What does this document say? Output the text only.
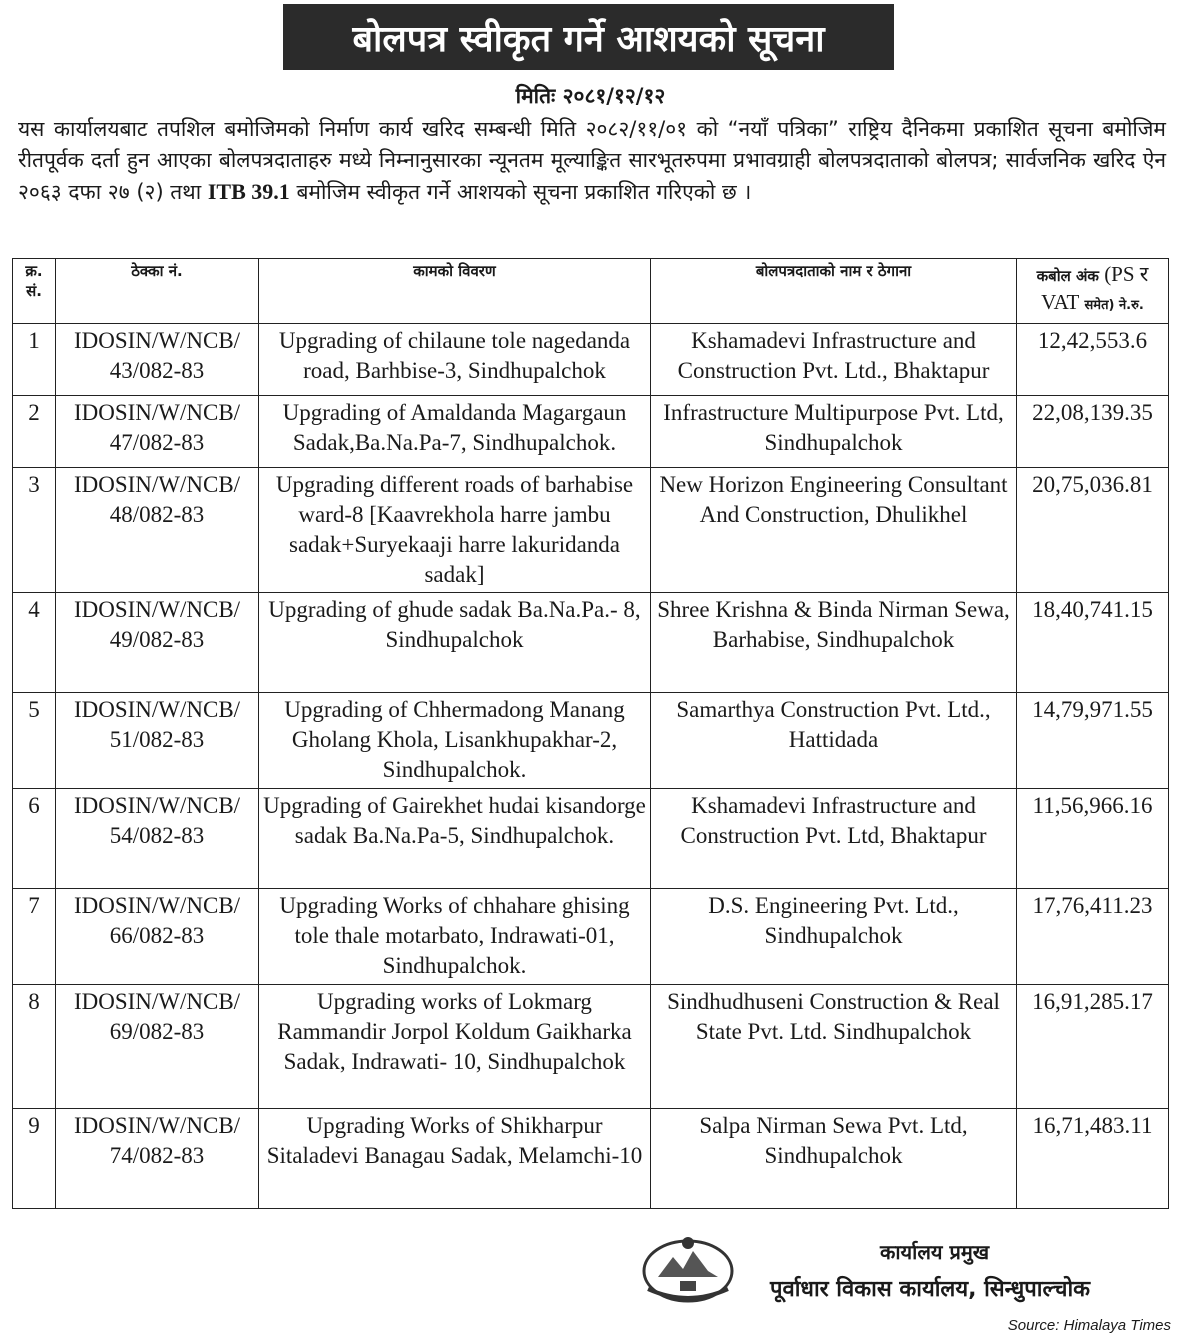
बोलपत्र स्वीकृत गर्ने आशयको सूचना
मितिः २०८१/१२/१२
यस कार्यालयबाट तपशिल बमोजिमको निर्माण कार्य खरिद सम्बन्धी मिति २०८२/११/०१ को “नयाँ पत्रिका” राष्ट्रिय दैनिकमा प्रकाशित सूचना बमोजिम रीतपूर्वक दर्ता हुन आएका बोलपत्रदाताहरु मध्ये निम्नानुसारका न्यूनतम मूल्याङ्कित सारभूतरुपमा प्रभावग्राही बोलपत्रदाताको बोलपत्र; सार्वजनिक खरिद ऐन २०६३ दफा २७ (२) तथा ITB 39.1 बमोजिम स्वीकृत गर्ने आशयको सूचना प्रकाशित गरिएको छ ।
क्र. सं.	ठेक्का नं.	कामको विवरण	बोलपत्रदाताको नाम र ठेगाना	कबोल अंक (PS र VAT समेत) ने.रु.
1	IDOSIN/W/NCB/ 43/082-83	Upgrading of chilaune tole nagedanda road, Barhbise-3, Sindhupalchok	Kshamadevi Infrastructure and Construction Pvt. Ltd., Bhaktapur	12,42,553.6
2	IDOSIN/W/NCB/ 47/082-83	Upgrading of Amaldanda Magargaun Sadak,Ba.Na.Pa-7, Sindhupalchok.	Infrastructure Multipurpose Pvt. Ltd, Sindhupalchok	22,08,139.35
3	IDOSIN/W/NCB/ 48/082-83	Upgrading different roads of barhabise ward-8 [Kaavrekhola harre jambu sadak+Suryekaaji harre lakuridanda sadak]	New Horizon Engineering Consultant And Construction, Dhulikhel	20,75,036.81
4	IDOSIN/W/NCB/ 49/082-83	Upgrading of ghude sadak Ba.Na.Pa.- 8, Sindhupalchok	Shree Krishna & Binda Nirman Sewa, Barhabise, Sindhupalchok	18,40,741.15
5	IDOSIN/W/NCB/ 51/082-83	Upgrading of Chhermadong Manang Gholang Khola, Lisankhupakhar-2, Sindhupalchok.	Samarthya Construction Pvt. Ltd., Hattidada	14,79,971.55
6	IDOSIN/W/NCB/ 54/082-83	Upgrading of Gairekhet hudai kisandorge sadak Ba.Na.Pa-5, Sindhupalchok.	Kshamadevi Infrastructure and Construction Pvt. Ltd, Bhaktapur	11,56,966.16
7	IDOSIN/W/NCB/ 66/082-83	Upgrading Works of chhahare ghising tole thale motarbato, Indrawati-01, Sindhupalchok.	D.S. Engineering Pvt. Ltd., Sindhupalchok	17,76,411.23
8	IDOSIN/W/NCB/ 69/082-83	Upgrading works of Lokmarg Rammandir Jorpol Koldum Gaikharka Sadak, Indrawati- 10, Sindhupalchok	Sindhudhuseni Construction & Real State Pvt. Ltd. Sindhupalchok	16,91,285.17
9	IDOSIN/W/NCB/ 74/082-83	Upgrading Works of Shikharpur Sitaladevi Banagau Sadak, Melamchi-10	Salpa Nirman Sewa Pvt. Ltd, Sindhupalchok	16,71,483.11
कार्यालय प्रमुख
पूर्वाधार विकास कार्यालय, सिन्धुपाल्चोक
Source: Himalaya Times
